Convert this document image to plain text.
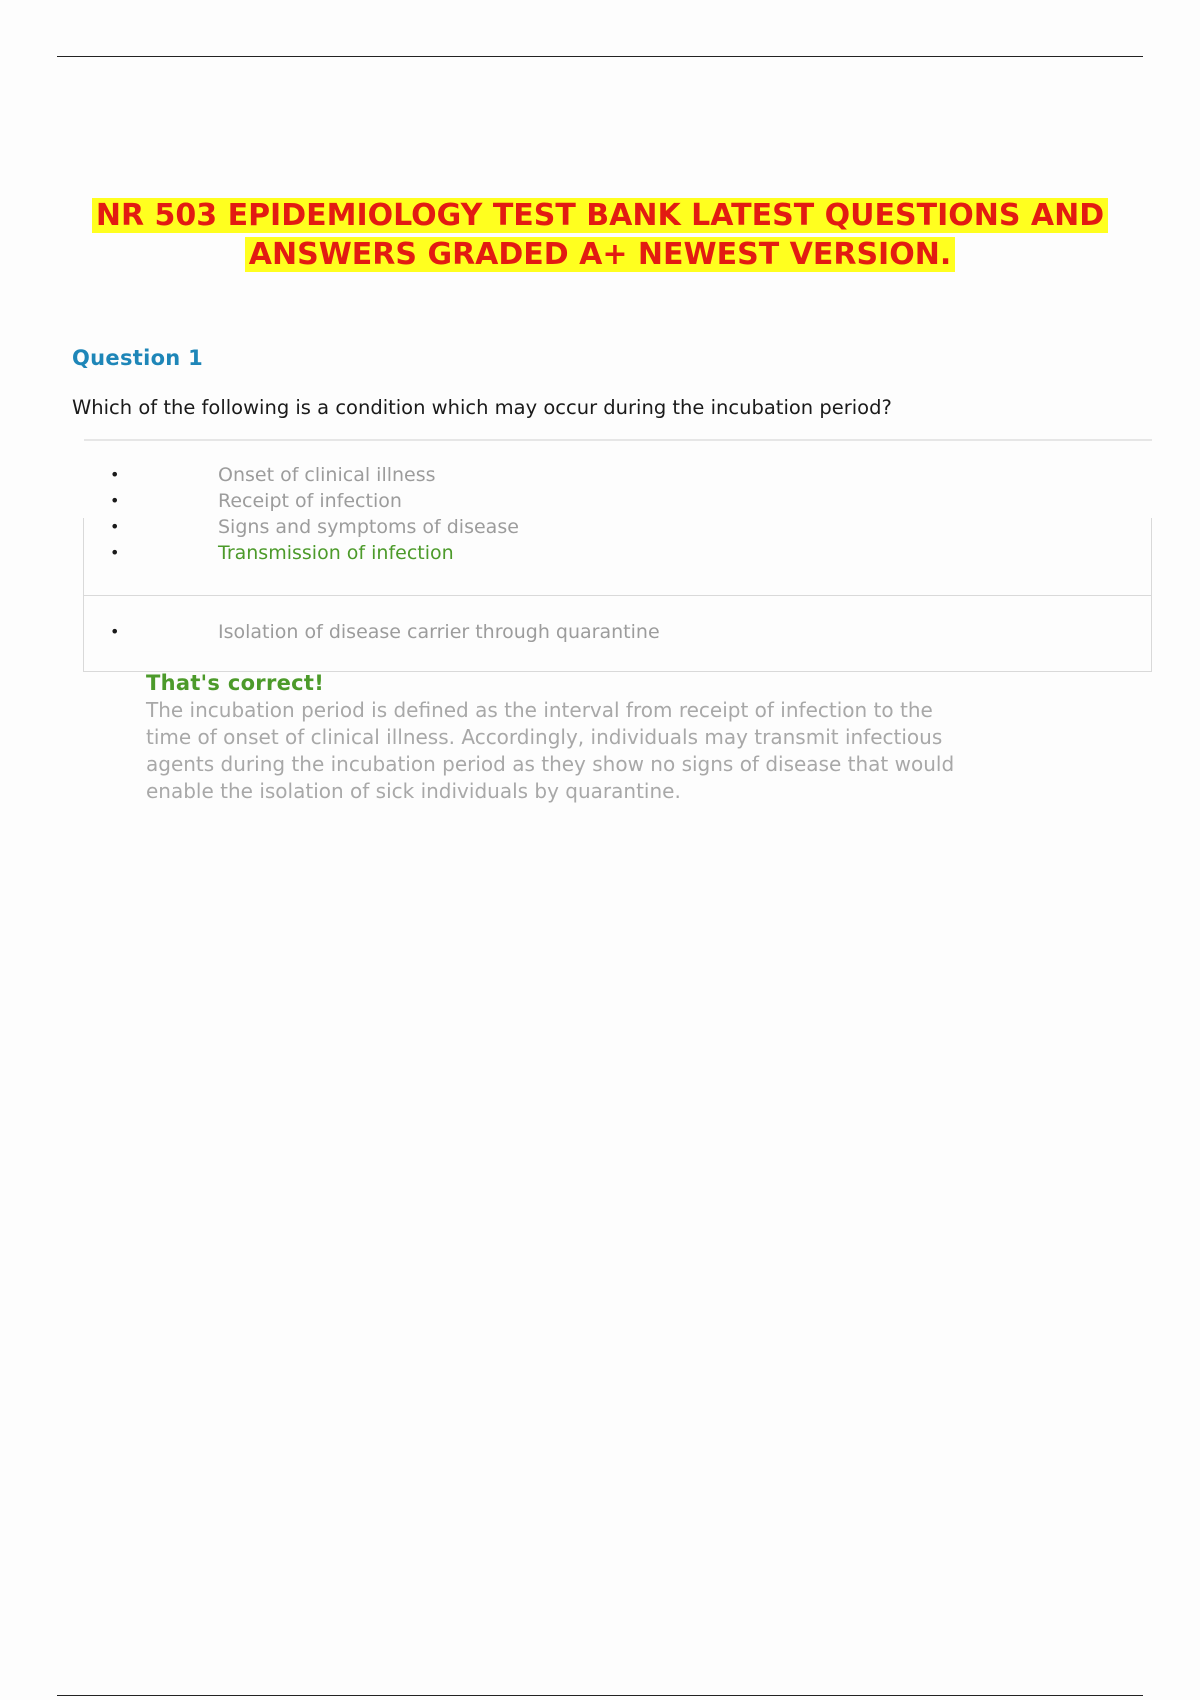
NR 503 EPIDEMIOLOGY TEST BANK LATEST QUESTIONS AND
ANSWERS GRADED A+ NEWEST VERSION.
Question 1
Which of the following is a condition which may occur during the incubation period?
•	Onset of clinical illness
•	Receipt of infection
•	Signs and symptoms of disease
•	Transmission of infection
•	Isolation of disease carrier through quarantine
That's correct!
The incubation period is defined as the interval from receipt of infection to the
time of onset of clinical illness. Accordingly, individuals may transmit infectious
agents during the incubation period as they show no signs of disease that would
enable the isolation of sick individuals by quarantine.
